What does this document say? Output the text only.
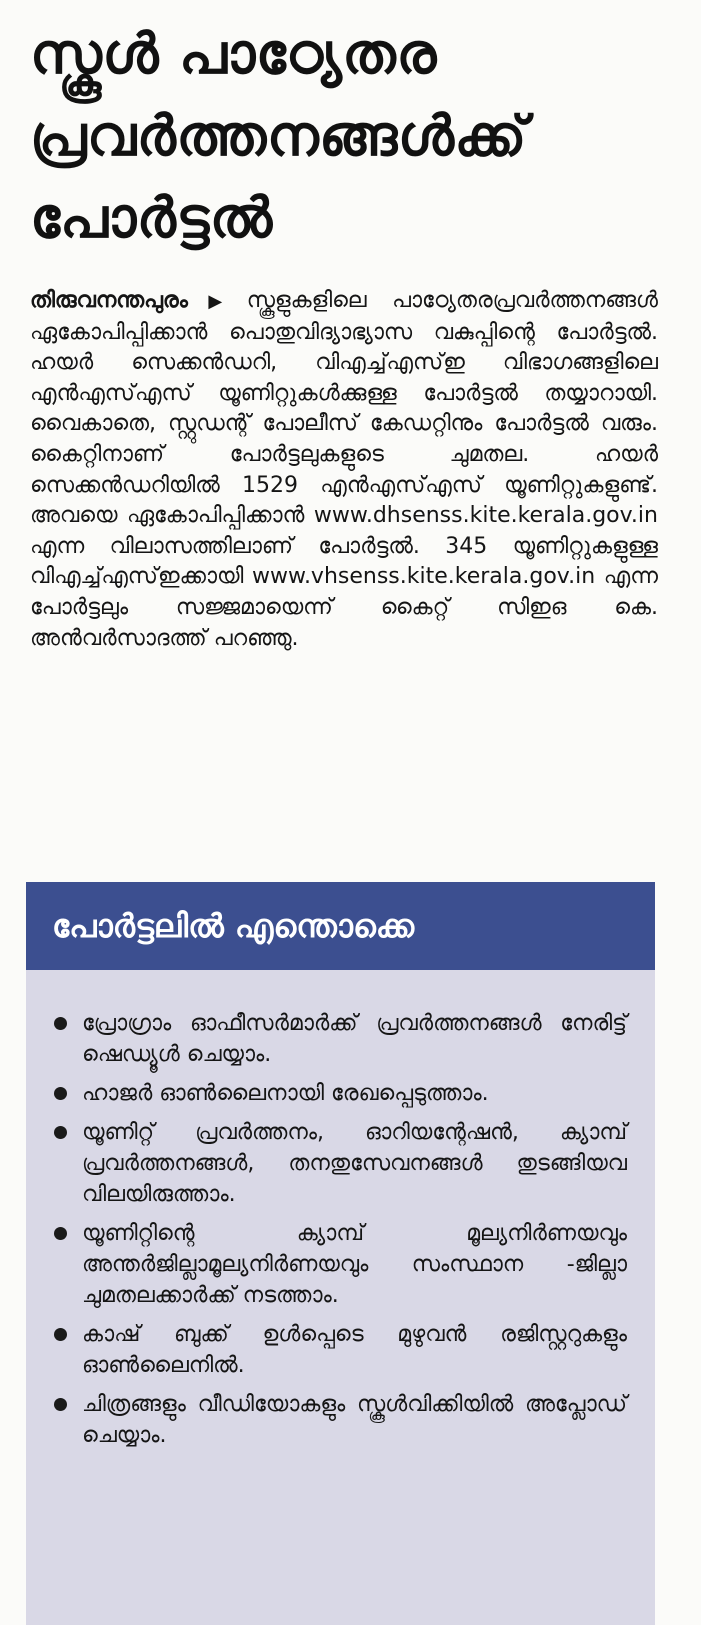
സ്കൂൾ പാഠ്യേതര
പ്രവർത്തനങ്ങൾക്ക്
പോർട്ടൽ

തിരുവനന്തപുരം ▶ സ്കൂളുകളിലെ പാഠ്യേതരപ്രവർത്തനങ്ങൾ ഏകോപിപ്പിക്കാൻ പൊതുവിദ്യാഭ്യാസ വകുപ്പിന്റെ പോർട്ടൽ. ഹയർ സെക്കൻഡറി, വിഎച്ച്എസ്ഇ വിഭാഗങ്ങളിലെ എൻഎസ്എസ് യൂണിറ്റുകൾക്കുള്ള പോർട്ടൽ തയ്യാറായി. വൈകാതെ, സ്റ്റുഡന്റ് പോലീസ് കേഡറ്റിനും പോർട്ടൽ വരും. കൈറ്റിനാണ് പോർട്ടലുകളുടെ ചുമതല. ഹയർ സെക്കൻഡറിയിൽ 1529 എൻഎസ്എസ് യൂണിറ്റുകളുണ്ട്. അവയെ ഏകോപിപ്പിക്കാൻ www.dhsenss.kite.kerala.gov.in എന്ന വിലാസത്തിലാണ് പോർട്ടൽ. 345 യൂണിറ്റുകളുള്ള വിഎച്ച്എസ്ഇക്കായി www.vhsenss.kite.kerala.gov.in എന്ന പോർട്ടലും സജ്ജമായെന്ന് കൈറ്റ് സിഇഒ കെ. അൻവർസാദത്ത് പറഞ്ഞു.

പോർട്ടലിൽ എന്തൊക്കെ
പ്രോഗ്രാം ഓഫീസർമാർക്ക് പ്രവർത്തനങ്ങൾ നേരിട്ട് ഷെഡ്യൂൾ ചെയ്യാം.
ഹാജർ ഓൺലൈനായി രേഖപ്പെടുത്താം.
യൂണിറ്റ് പ്രവർത്തനം, ഓറിയന്റേഷൻ, ക്യാമ്പ് പ്രവർത്തനങ്ങൾ, തനതുസേവനങ്ങൾ തുടങ്ങിയവ വിലയിരുത്താം.
യൂണിറ്റിന്റെ ക്യാമ്പ് മൂല്യനിർണയവും അന്തർജില്ലാമൂല്യനിർണയവും സംസ്ഥാന -ജില്ലാ ചുമതലക്കാർക്ക് നടത്താം.
കാഷ് ബുക്ക് ഉൾപ്പെടെ മുഴുവൻ രജിസ്റ്ററുകളും ഓൺലൈനിൽ.
ചിത്രങ്ങളും വീഡിയോകളും സ്കൂൾവിക്കിയിൽ അപ്ലോഡ് ചെയ്യാം.
